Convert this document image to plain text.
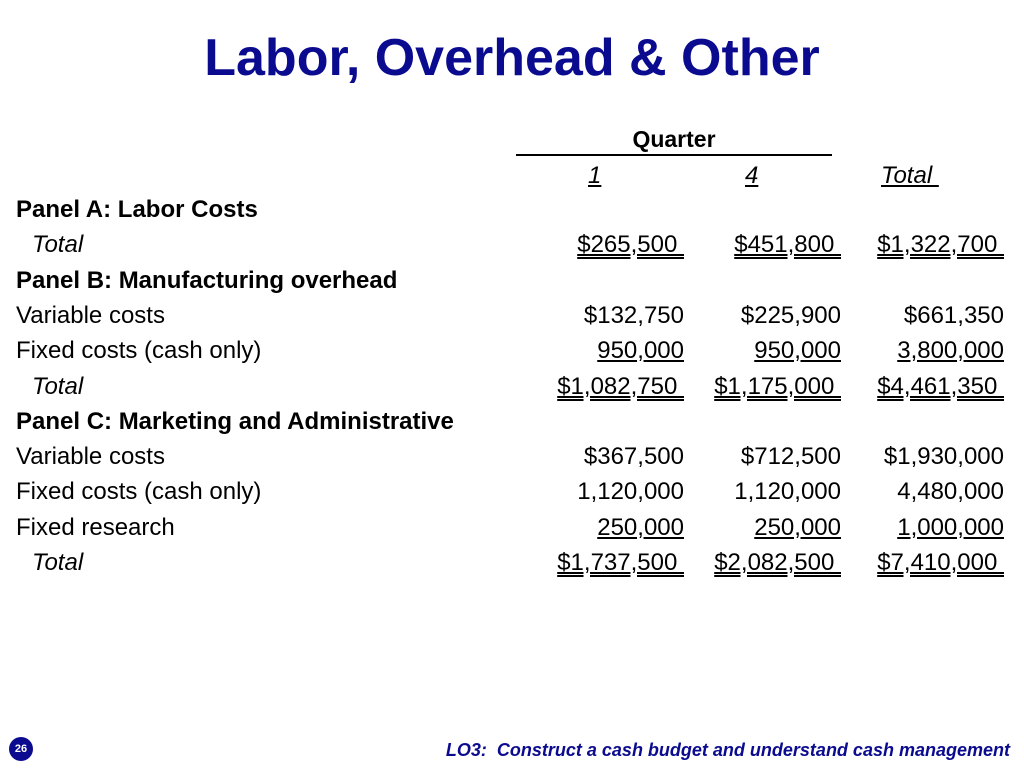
Labor, Overhead & Other
Quarter
1	4	Total
Panel A: Labor Costs
Total	$265,500 $451,800 $1,322,700
Panel B: Manufacturing overhead
Variable costs	$132,750 $225,900	$661,350
Fixed costs (cash only)	950,000	950,000 3,800,000
Total	$1,082,750 $1,175,000 $4,461,350
Panel C: Marketing and Administrative
Variable costs	$367,500 $712,500 $1,930,000
Fixed costs (cash only)	1,120,000 1,120,000 4,480,000
Fixed research	250,000	250,000 1,000,000
Total	$1,737,500 $2,082,500 $7,410,000
26	LO3:  Construct a cash budget and understand cash management
